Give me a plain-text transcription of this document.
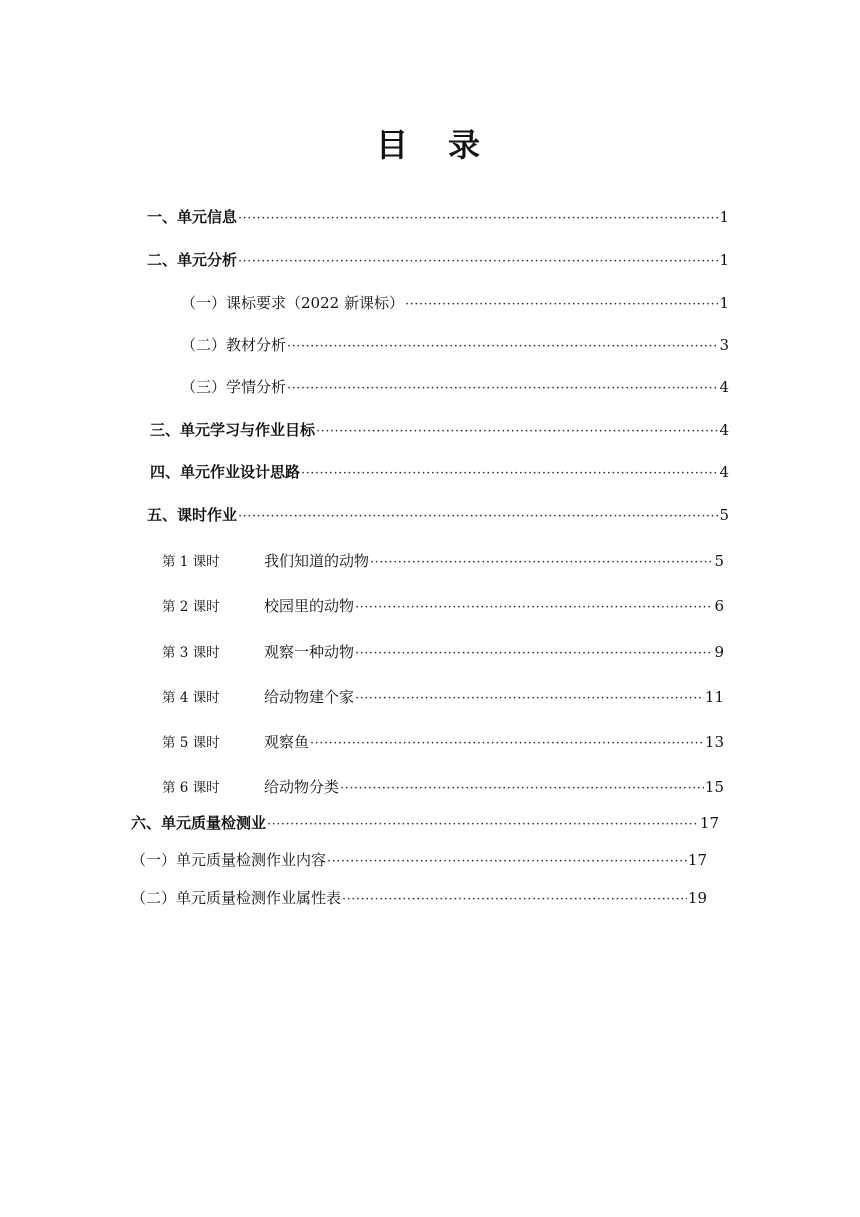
目　录
一、单元信息 ·····	1
二、单元分析 ·····	1
（一）课标要求（2022 新课标） ·····	1
（二）教材分析 ·····	3
（三）学情分析 ·····	4
三、单元学习与作业目标 ·····	4
四、单元作业设计思路 ·····	4
五、课时作业 ·····	5
第 1 课时	我们知道的动物 ·····	5
第 2 课时	校园里的动物 ·····	6
第 3 课时	观察一种动物 ·····	9
第 4 课时	给动物建个家 ·····	11
第 5 课时	观察鱼 ·····	13
第 6 课时	给动物分类 ·····	15
六、单元质量检测业 ·····	17
（一）单元质量检测作业内容 ·····	17
（二）单元质量检测作业属性表 ·····	19
